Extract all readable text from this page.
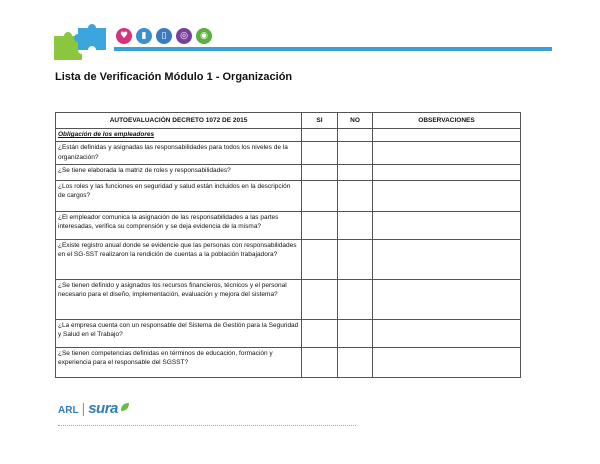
♥	▮	▯	◎	◉
Lista de Verificación Módulo 1 - Organización
AUTOEVALUACIÓN DECRETO 1072 DE 2015	SI	NO	OBSERVACIONES
Obligación de los empleadores			
¿Están definidas y asignadas las responsabilidades para todos los niveles de la organización?			
¿Se tiene elaborada la matriz de roles y responsabilidades?			
¿Los roles y las funciones en seguridad y salud están incluidos en la descripción de cargos?			
¿El empleador comunica la asignación de las responsabilidades a las partes interesadas, verifica su comprensión y se deja evidencia de la misma?			
¿Existe registro anual donde se evidencie que las personas con responsabilidades en el SG-SST realizaron la rendición de cuentas a la población trabajadora?			
¿Se tienen definido y asignados los recursos financieros, técnicos y el personal necesario para el diseño, implementación, evaluación y mejora del sistema?			
¿La empresa cuenta con un responsable del Sistema de Gestión para la Seguridad y Salud en el Trabajo?			
¿Se tienen competencias definidas en términos de educación, formación y experiencia para el responsable del SGSST?			
ARL | sura
